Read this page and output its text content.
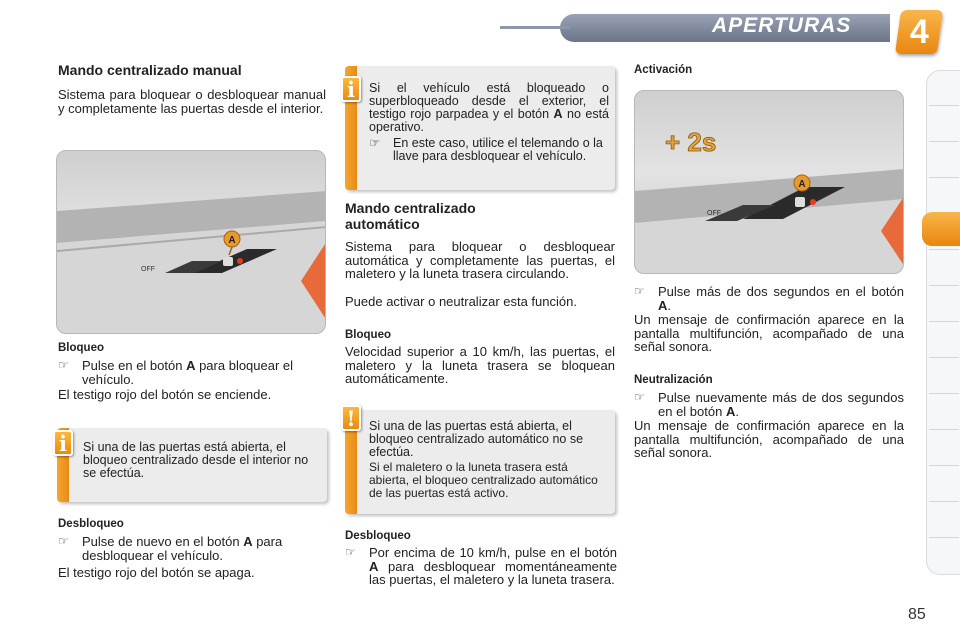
APERTURAS 4
Mando centralizado manual
Sistema para bloquear o desbloquear manual y completamente las puertas desde el interior.
A
OFF
Bloqueo
☞	Pulse en el botón A para bloquear el vehículo.
El testigo rojo del botón se enciende.
Si una de las puertas está abierta, el bloqueo centralizado desde el interior no se efectúa.
i
Desbloqueo
☞	Pulse de nuevo en el botón A para desbloquear el vehículo.
El testigo rojo del botón se apaga.
Si el vehículo está bloqueado o superbloqueado desde el exterior, el testigo rojo parpadea y el botón A no está operativo.
☞	En este caso, utilice el telemando o la llave para desbloquear el vehículo.
i
Mando centralizado
automático
Sistema para bloquear o desbloquear automática y completamente las puertas, el maletero y la luneta trasera circulando.
Puede activar o neutralizar esta función.
Bloqueo
Velocidad superior a 10 km/h, las puertas, el maletero y la luneta trasera se bloquean automáticamente.
Si una de las puertas está abierta, el bloqueo centralizado automático no se efectúa.
Si el maletero o la luneta trasera está abierta, el bloqueo centralizado automático de las puertas está activo.
!
Desbloqueo
☞	Por encima de 10 km/h, pulse en el botón A para desbloquear momentáneamente las puertas, el maletero y la luneta trasera.
Activación
A
OFF
+ 2s
☞	Pulse más de dos segundos en el botón A.
Un mensaje de confirmación aparece en la pantalla multifunción, acompañado de una señal sonora.
Neutralización
☞	Pulse nuevamente más de dos segundos en el botón A.
Un mensaje de confirmación aparece en la pantalla multifunción, acompañado de una señal sonora.
85
